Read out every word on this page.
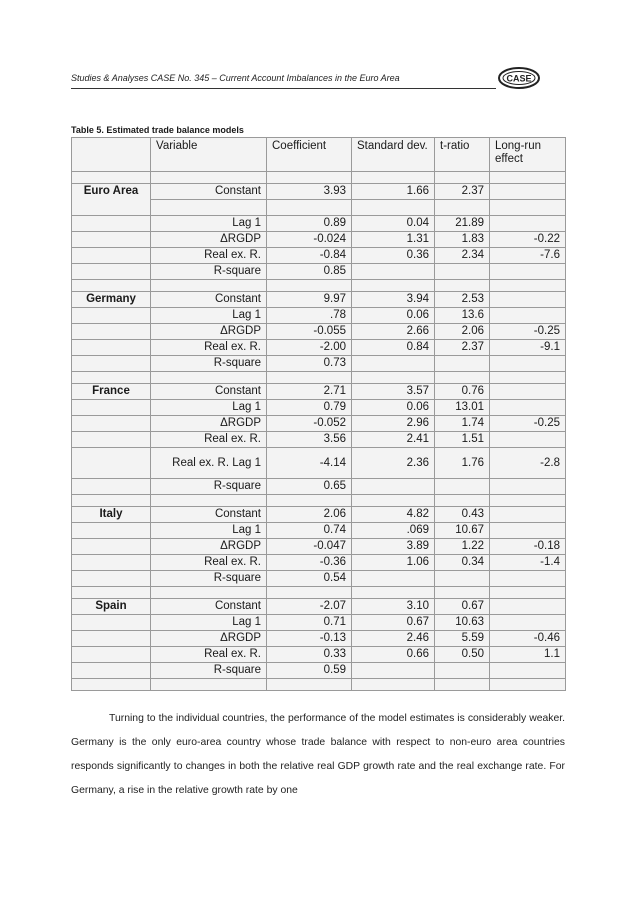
Studies & Analyses CASE No. 345 – Current Account Imbalances in the Euro Area	CASE
Table 5. Estimated trade balance models
	Variable	Coefficient	Standard dev.	t-ratio	Long-run effect

Euro Area	Constant	3.93	1.66	2.37	

	Lag 1	0.89	0.04	21.89	
	ΔRGDP	-0.024	1.31	1.83	-0.22
	Real ex. R.	-0.84	0.36	2.34	-7.6
	R-square	0.85			

Germany	Constant	9.97	3.94	2.53	
	Lag 1	.78	0.06	13.6	
	ΔRGDP	-0.055	2.66	2.06	-0.25
	Real ex. R.	-2.00	0.84	2.37	-9.1
	R-square	0.73			

France	Constant	2.71	3.57	0.76	
	Lag 1	0.79	0.06	13.01	
	ΔRGDP	-0.052	2.96	1.74	-0.25
	Real ex. R.	3.56	2.41	1.51	
	Real ex. R. Lag 1	-4.14	2.36	1.76	-2.8
	R-square	0.65			

Italy	Constant	2.06	4.82	0.43	
	Lag 1	0.74	.069	10.67	
	ΔRGDP	-0.047	3.89	1.22	-0.18
	Real ex. R.	-0.36	1.06	0.34	-1.4
	R-square	0.54			

Spain	Constant	-2.07	3.10	0.67	
	Lag 1	0.71	0.67	10.63	
	ΔRGDP	-0.13	2.46	5.59	-0.46
	Real ex. R.	0.33	0.66	0.50	1.1
	R-square	0.59			

Turning to the individual countries, the performance of the model estimates is considerably weaker. Germany is the only euro-area country whose trade balance with respect to non-euro area countries responds significantly to changes in both the relative real GDP growth rate and the real exchange rate. For Germany, a rise in the relative growth rate by one
